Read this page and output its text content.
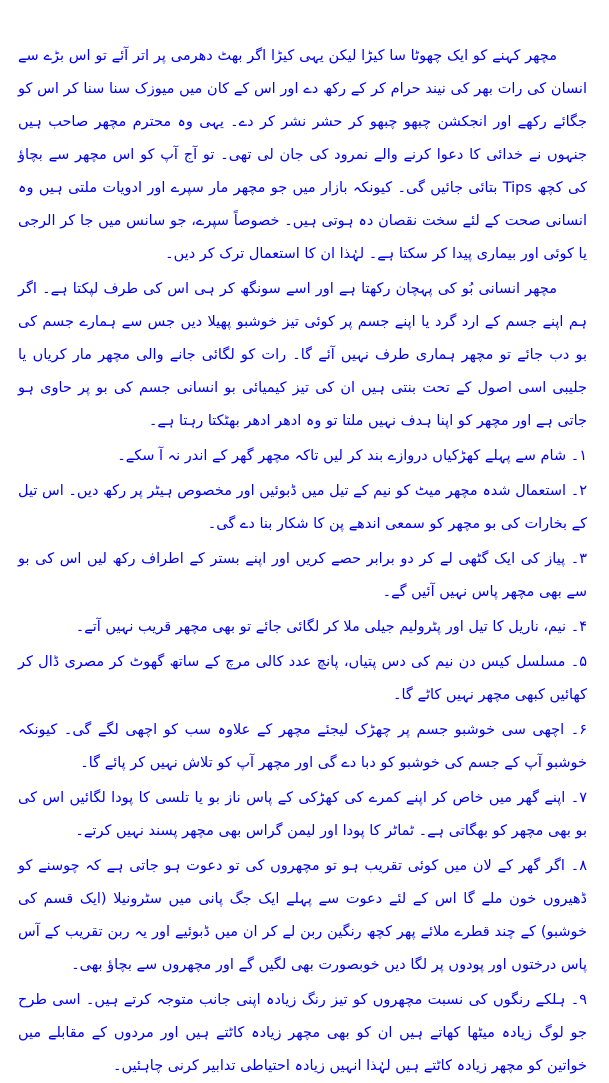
مچھر کہنے کو ایک چھوٹا سا کیڑا لیکن یہی کیڑا اگر بھٹ دھرمی پر اتر آئے تو اس بڑے سے انسان کی رات بھر کی نیند حرام کر کے رکھ دے اور اس کے کان میں میوزک سنا سنا کر اس کو جگائے رکھے اور انجکشن چبھو چبھو کر حشر نشر کر دے۔ یہی وہ محترم مچھر صاحب ہیں جنہوں نے خدائی کا دعوا کرنے والے نمرود کی جان لی تھی۔ تو آج آپ کو اس مچھر سے بچاؤ کی کچھ Tips بتائی جائیں گی۔ کیونکہ بازار میں جو مچھر مار سپرے اور ادویات ملتی ہیں وہ انسانی صحت کے لئے سخت نقصان دہ ہوتی ہیں۔ خصوصاً سپرے، جو سانس میں جا کر الرجی یا کوئی اور بیماری پیدا کر سکتا ہے۔ لہٰذا ان کا استعمال ترک کر دیں۔

مچھر انسانی بُو کی پہچان رکھتا ہے اور اسے سونگھ کر ہی اس کی طرف لپکتا ہے۔ اگر ہم اپنے جسم کے ارد گرد یا اپنے جسم پر کوئی تیز خوشبو پھیلا دیں جس سے ہمارے جسم کی بو دب جائے تو مچھر ہماری طرف نہیں آئے گا۔ رات کو لگائی جانے والی مچھر مار کریاں یا جلیبی اسی اصول کے تحت بنتی ہیں ان کی تیز کیمیائی بو انسانی جسم کی بو پر حاوی ہو جاتی ہے اور مچھر کو اپنا ہدف نہیں ملتا تو وہ ادھر ادھر بھٹکتا رہتا ہے۔

۱۔ شام سے پہلے کھڑکیاں دروازے بند کر لیں تاکہ مچھر گھر کے اندر نہ آ سکے۔

۲۔ استعمال شدہ مچھر میٹ کو نیم کے تیل میں ڈبوئیں اور مخصوص ہیٹر پر رکھ دیں۔ اس تیل کے بخارات کی بو مچھر کو سمعی اندھے پن کا شکار بنا دے گی۔

۳۔ پیاز کی ایک گٹھی لے کر دو برابر حصے کریں اور اپنے بستر کے اطراف رکھ لیں اس کی بو سے بھی مچھر پاس نہیں آئیں گے۔

۴۔ نیم، ناریل کا تیل اور پٹرولیم جیلی ملا کر لگائی جائے تو بھی مچھر قریب نہیں آتے۔

۵۔ مسلسل کیس دن نیم کی دس پتیاں، پانچ عدد کالی مرچ کے ساتھ گھوٹ کر مصری ڈال کر کھائیں کبھی مچھر نہیں کاٹے گا۔

۶۔ اچھی سی خوشبو جسم پر چھڑک لیجئے مچھر کے علاوہ سب کو اچھی لگے گی۔ کیونکہ خوشبو آپ کے جسم کی خوشبو کو دبا دے گی اور مچھر آپ کو تلاش نہیں کر پائے گا۔

۷۔ اپنے گھر میں خاص کر اپنے کمرے کی کھڑکی کے پاس ناز بو یا تلسی کا پودا لگائیں اس کی بو بھی مچھر کو بھگاتی ہے۔ ٹماٹر کا پودا اور لیمن گراس بھی مچھر پسند نہیں کرتے۔

۸۔ اگر گھر کے لان میں کوئی تقریب ہو تو مچھروں کی تو دعوت ہو جاتی ہے کہ چوسنے کو ڈھیروں خون ملے گا اس کے لئے دعوت سے پہلے ایک جگ پانی میں سٹرونیلا (ایک قسم کی خوشبو) کے چند قطرے ملائے پھر کچھ رنگین ربن لے کر ان میں ڈبوئیے اور یہ ربن تقریب کے آس پاس درختوں اور پودوں پر لگا دیں خوبصورت بھی لگیں گے اور مچھروں سے بچاؤ بھی۔

۹۔ ہلکے رنگوں کی نسبت مچھروں کو تیز رنگ زیادہ اپنی جانب متوجہ کرتے ہیں۔ اسی طرح جو لوگ زیادہ میٹھا کھاتے ہیں ان کو بھی مچھر زیادہ کاٹتے ہیں اور مردوں کے مقابلے میں خواتین کو مچھر زیادہ کاٹتے ہیں لہٰذا انہیں زیادہ احتیاطی تدابیر کرنی چاہئیں۔
